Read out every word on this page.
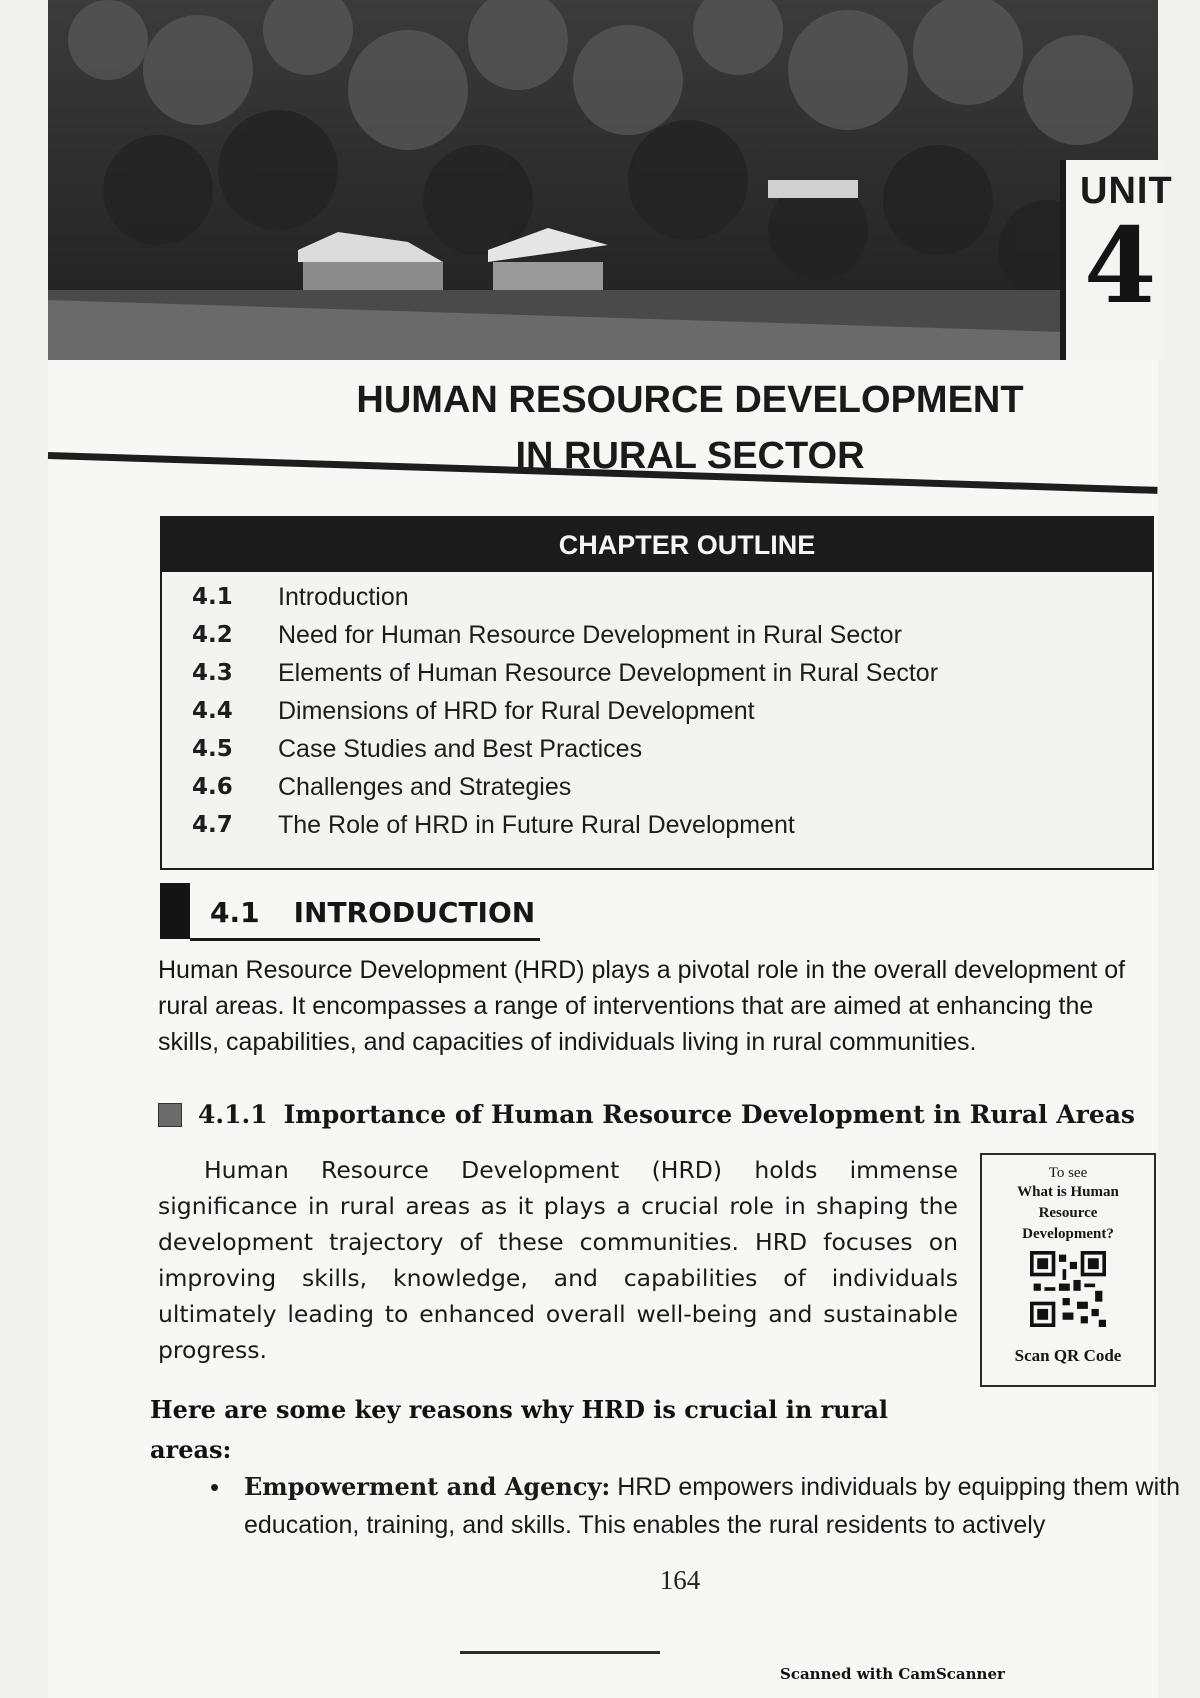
UNIT
4
HUMAN RESOURCE DEVELOPMENT
IN RURAL SECTOR
CHAPTER OUTLINE
4.1	Introduction
4.2	Need for Human Resource Development in Rural Sector
4.3	Elements of Human Resource Development in Rural Sector
4.4	Dimensions of HRD for Rural Development
4.5	Case Studies and Best Practices
4.6	Challenges and Strategies
4.7	The Role of HRD in Future Rural Development
4.1 INTRODUCTION
Human Resource Development (HRD) plays a pivotal role in the overall development of rural areas. It encompasses a range of interventions that are aimed at enhancing the skills, capabilities, and capacities of individuals living in rural communities.
4.1.1 Importance of Human Resource Development in Rural Areas
Human Resource Development (HRD) holds immense significance in rural areas as it plays a crucial role in shaping the development trajectory of these communities. HRD focuses on improving skills, knowledge, and capabilities of individuals ultimately leading to enhanced overall well-being and sustainable progress.
To see
What is Human Resource Development?
Scan QR Code
Here are some key reasons why HRD is crucial in rural areas:
• Empowerment and Agency: HRD empowers individuals by equipping them with education, training, and skills. This enables the rural residents to actively
164
Scanned with CamScanner
